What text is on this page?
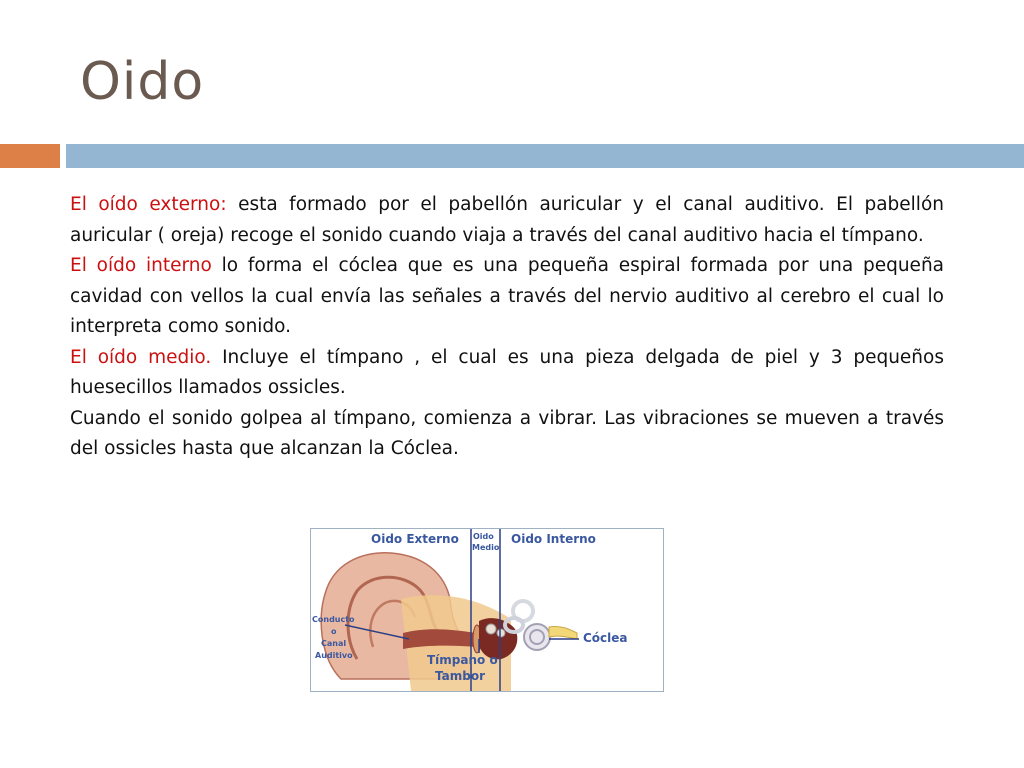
Oido

El oído externo: esta formado por el pabellón auricular y el canal auditivo. El pabellón auricular ( oreja) recoge el sonido cuando viaja a través del canal auditivo hacia el tímpano.

El oído interno lo forma el cóclea que es una pequeña espiral formada por una pequeña cavidad con vellos la cual envía las señales a través del nervio auditivo al cerebro el cual lo interpreta como sonido.

El oído medio. Incluye el tímpano , el cual es una pieza delgada de piel y 3 pequeños huesecillos llamados ossicles.

Cuando el sonido golpea al tímpano, comienza a vibrar. Las vibraciones se mueven a través del ossicles hasta que alcanzan la Cóclea.

Oido Externo Oido
Medio
Oido Interno
Conducto
o
Canal
Auditivo	Tímpano o
Tambor
Cóclea
